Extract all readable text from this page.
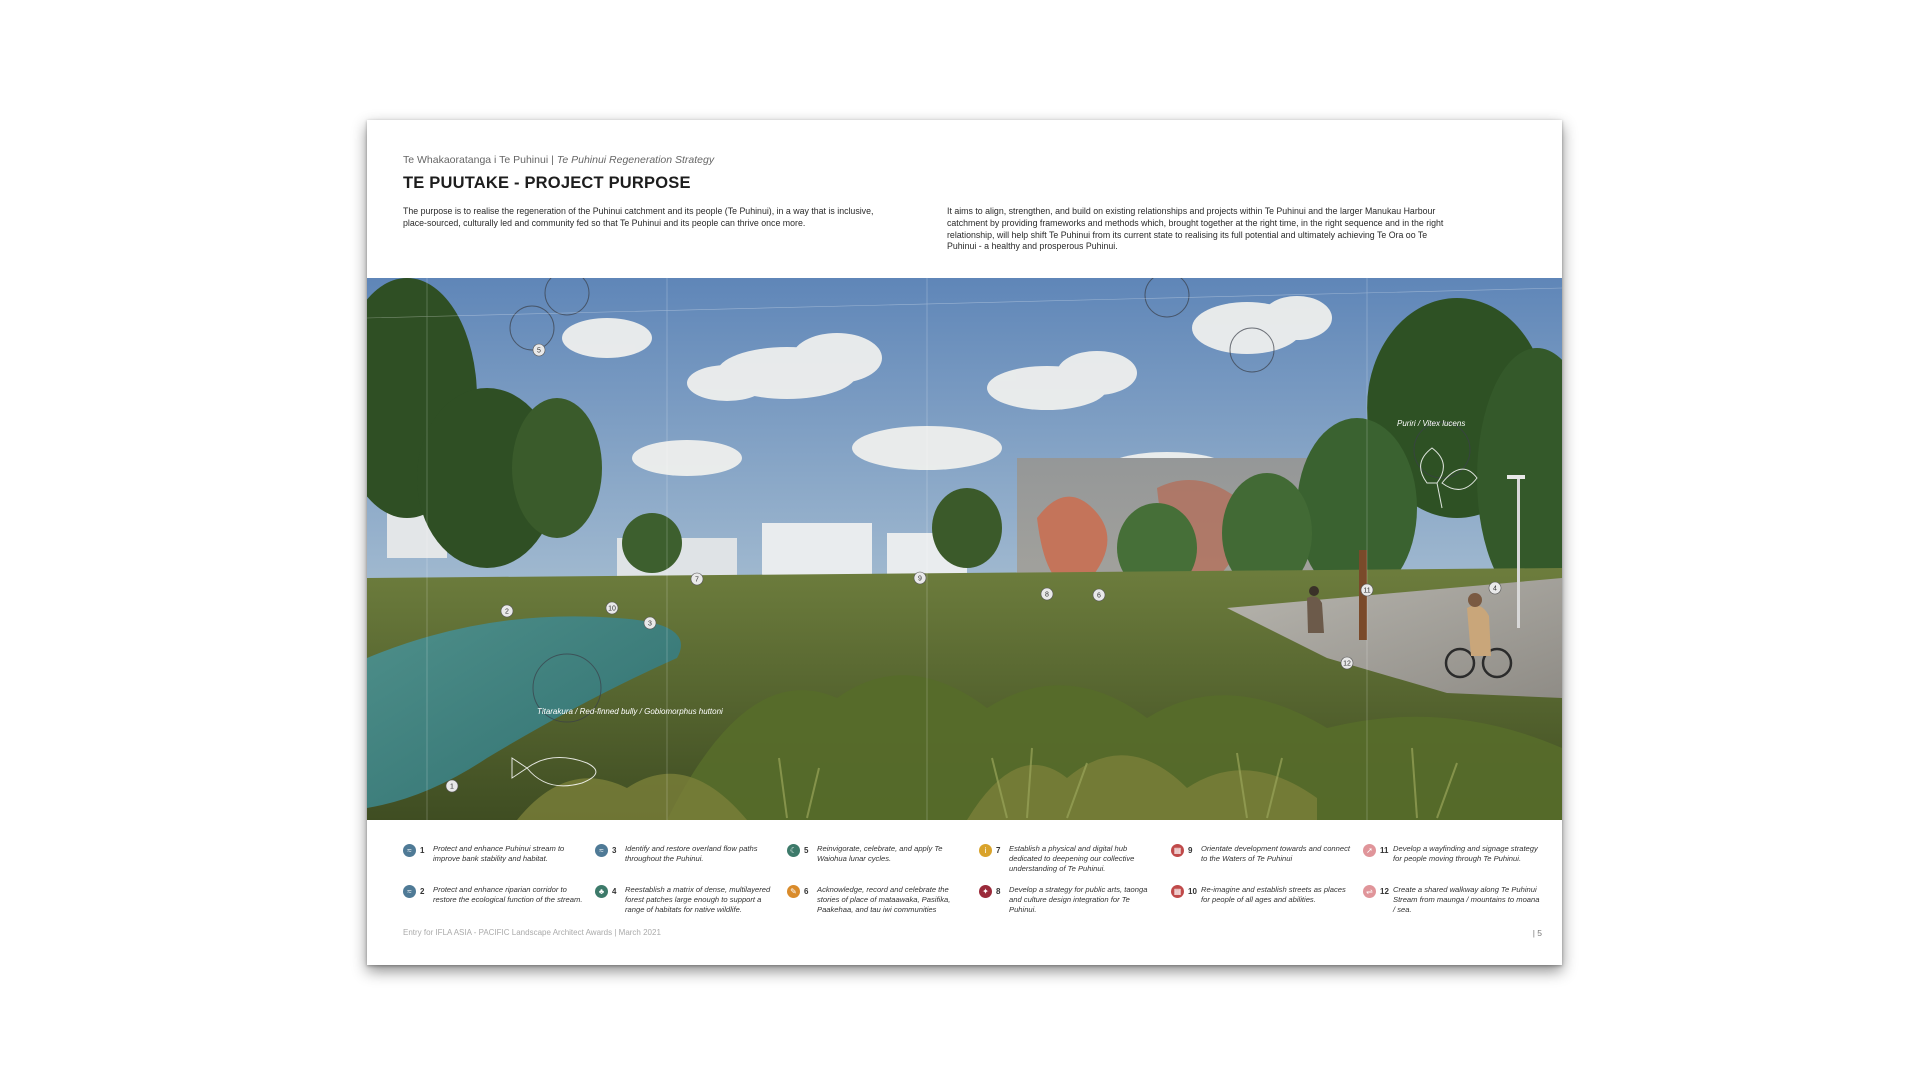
Te Whakaoratanga i Te Puhinui | Te Puhinui Regeneration Strategy
TE PUUTAKE - PROJECT PURPOSE
The purpose is to realise the regeneration of the Puhinui catchment and its people (Te Puhinui), in a way that is inclusive, place-sourced, culturally led and community fed so that Te Puhinui and its people can thrive once more.
It aims to align, strengthen, and build on existing relationships and projects within Te Puhinui and the larger Manukau Harbour catchment by providing frameworks and methods which, brought together at the right time, in the right sequence and in the right relationship, will help shift Te Puhinui from its current state to realising its full potential and ultimately achieving Te Ora oo Te Puhinui - a healthy and prosperous Puhinui.
Titarakura / Red-finned bully / Gobiomorphus huttoni
Puriri / Vitex lucens
1
2
3
4
5
6
7
8
9
10
11
12
≈	1 Protect and enhance Puhinui stream to improve bank stability and habitat.
≈	2 Protect and enhance riparian corridor to restore the ecological function of the stream.
≈	3 Identify and restore overland flow paths throughout the Puhinui.
♣ 4 Reestablish a matrix of dense, multilayered forest patches large enough to support a range of habitats for native wildlife.
☾ 5 Reinvigorate, celebrate, and apply Te Waiohua lunar cycles.
✎ 6 Acknowledge, record and celebrate the stories of place of mataawaka, Pasifika, Paakehaa, and tau iwi communities
i	7 Establish a physical and digital hub dedicated to deepening our collective understanding of Te Puhinui.
✦ 8 Develop a strategy for public arts, taonga and culture design integration for Te Puhinui.
▦ 9 Orientate development towards and connect to the Waters of Te Puhinui
▦ 10 Re-imagine and establish streets as places for people of all ages and abilities.
➚ 11 Develop a wayfinding and signage strategy for people moving through Te Puhinui.
⇌ 12 Create a shared walkway along Te Puhinui Stream from maunga / mountains to moana / sea.
Entry for IFLA ASIA - PACIFIC Landscape Architect Awards | March 2021	| 5
